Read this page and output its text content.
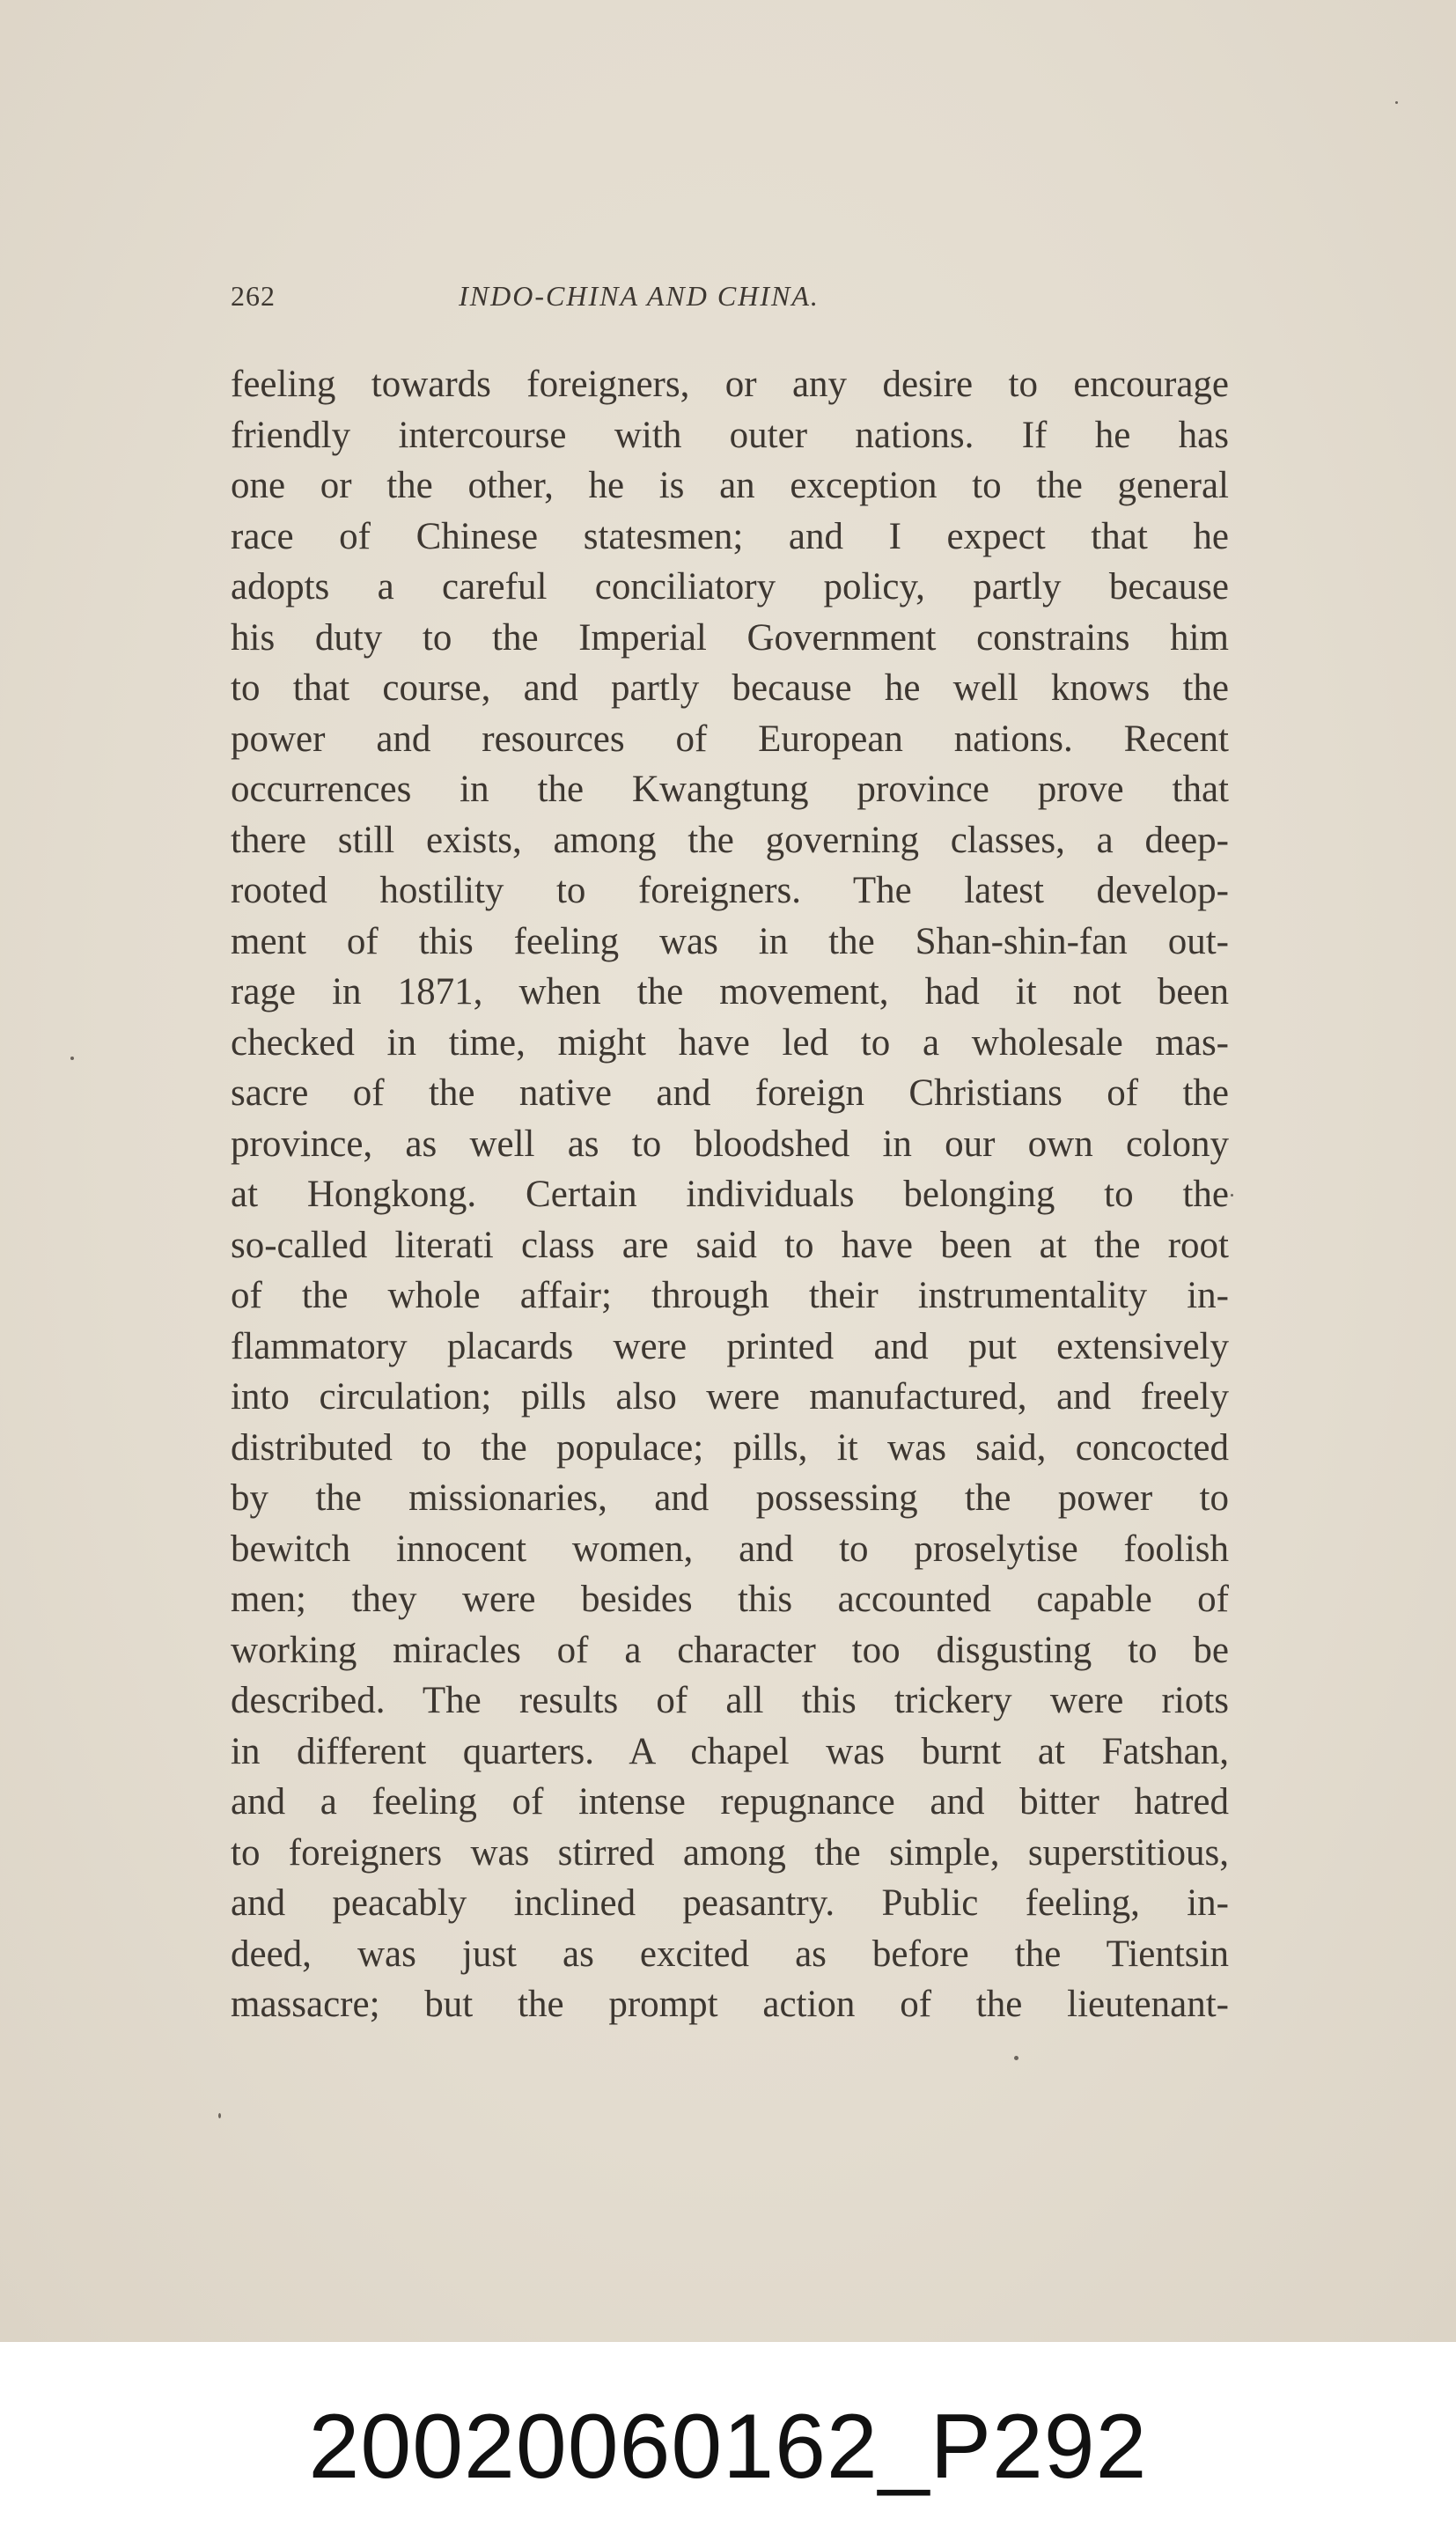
262	INDO-CHINA AND CHINA.
feeling towards foreigners, or any desire to encourage
friendly intercourse with outer nations. If he has
one or the other, he is an exception to the general
race of Chinese statesmen; and I expect that he
adopts a careful conciliatory policy, partly because
his duty to the Imperial Government constrains him
to that course, and partly because he well knows the
power and resources of European nations. Recent
occurrences in the Kwangtung province prove that
there still exists, among the governing classes, a deep-
rooted hostility to foreigners. The latest develop-
ment of this feeling was in the Shan-shin-fan out-
rage in 1871, when the movement, had it not been
checked in time, might have led to a wholesale mas-
sacre of the native and foreign Christians of the
province, as well as to bloodshed in our own colony
at Hongkong. Certain individuals belonging to the
so-called literati class are said to have been at the root
of the whole affair; through their instrumentality in-
flammatory placards were printed and put extensively
into circulation; pills also were manufactured, and freely
distributed to the populace; pills, it was said, concocted
by the missionaries, and possessing the power to
bewitch innocent women, and to proselytise foolish
men; they were besides this accounted capable of
working miracles of a character too disgusting to be
described. The results of all this trickery were riots
in different quarters. A chapel was burnt at Fatshan,
and a feeling of intense repugnance and bitter hatred
to foreigners was stirred among the simple, superstitious,
and peacably inclined peasantry. Public feeling, in-
deed, was just as excited as before the Tientsin
massacre; but the prompt action of the lieutenant-
20020060162_P292
